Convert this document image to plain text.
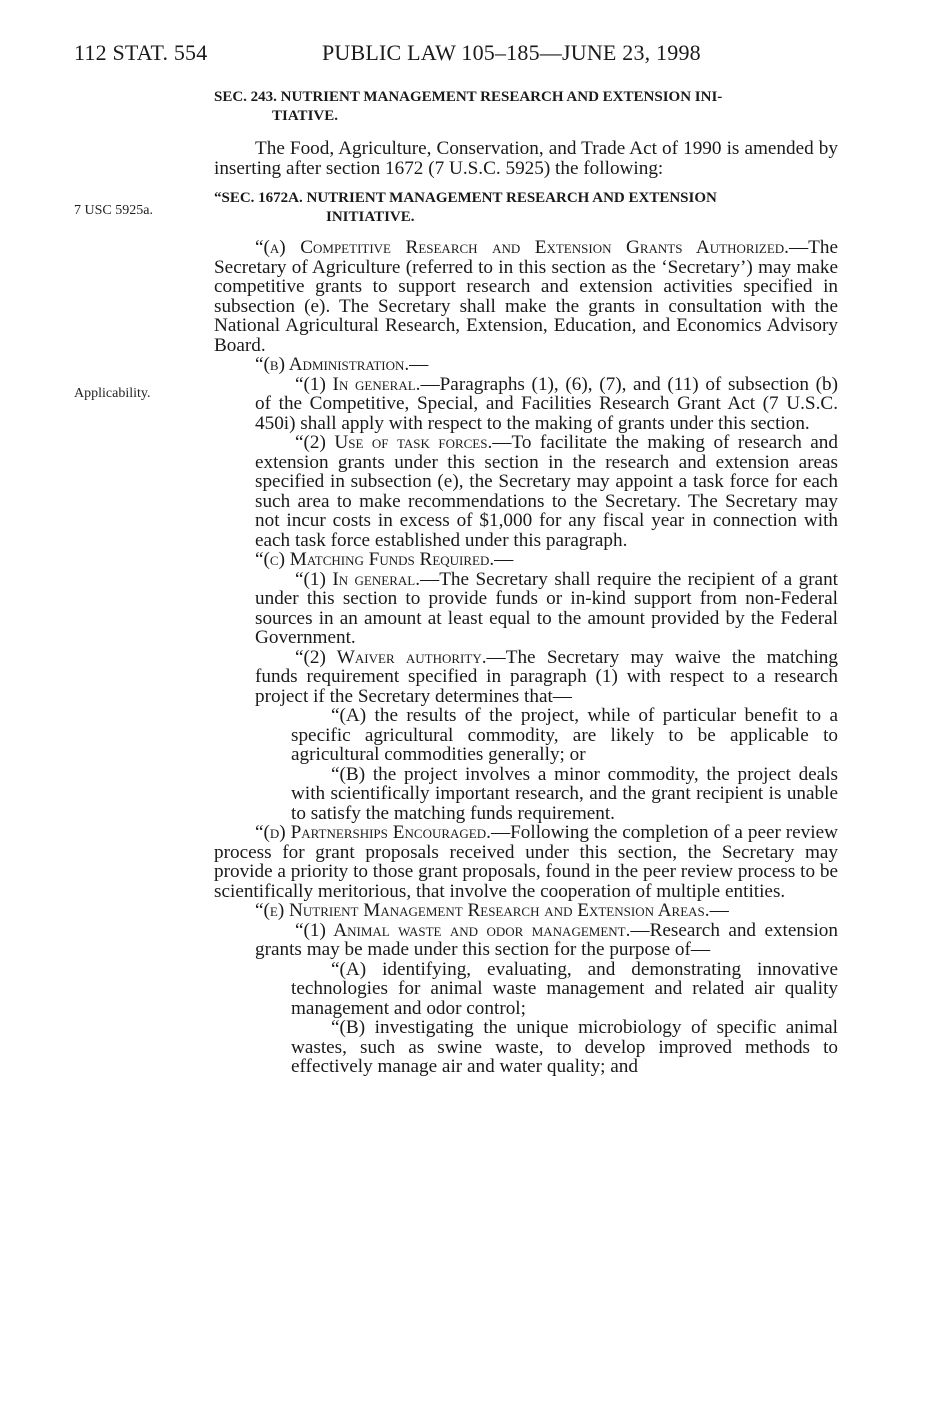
112 STAT. 554	PUBLIC LAW 105–185—JUNE 23, 1998
7 USC 5925a.
Applicability.
SEC. 243. NUTRIENT MANAGEMENT RESEARCH AND EXTENSION INI-
TIATIVE.

The Food, Agriculture, Conservation, and Trade Act of 1990 is amended by inserting after section 1672 (7 U.S.C. 5925) the following:

“SEC. 1672A. NUTRIENT MANAGEMENT RESEARCH AND EXTENSION
INITIATIVE.

“(a) Competitive Research and Extension Grants Authorized.—The Secretary of Agriculture (referred to in this section as the ‘Secretary’) may make competitive grants to support research and extension activities specified in subsection (e). The Secretary shall make the grants in consultation with the National Agricultural Research, Extension, Education, and Economics Advisory Board.

“(b) Administration.—

“(1) In general.—Paragraphs (1), (6), (7), and (11) of subsection (b) of the Competitive, Special, and Facilities Research Grant Act (7 U.S.C. 450i) shall apply with respect to the making of grants under this section.

“(2) Use of task forces.—To facilitate the making of research and extension grants under this section in the research and extension areas specified in subsection (e), the Secretary may appoint a task force for each such area to make recommendations to the Secretary. The Secretary may not incur costs in excess of $1,000 for any fiscal year in connection with each task force established under this paragraph.

“(c) Matching Funds Required.—

“(1) In general.—The Secretary shall require the recipient of a grant under this section to provide funds or in-kind support from non-Federal sources in an amount at least equal to the amount provided by the Federal Government.

“(2) Waiver authority.—The Secretary may waive the matching funds requirement specified in paragraph (1) with respect to a research project if the Secretary determines that—

“(A) the results of the project, while of particular benefit to a specific agricultural commodity, are likely to be applicable to agricultural commodities generally; or

“(B) the project involves a minor commodity, the project deals with scientifically important research, and the grant recipient is unable to satisfy the matching funds requirement.

“(d) Partnerships Encouraged.—Following the completion of a peer review process for grant proposals received under this section, the Secretary may provide a priority to those grant proposals, found in the peer review process to be scientifically meritorious, that involve the cooperation of multiple entities.

“(e) Nutrient Management Research and Extension Areas.—

“(1) Animal waste and odor management.—Research and extension grants may be made under this section for the purpose of—

“(A) identifying, evaluating, and demonstrating innovative technologies for animal waste management and related air quality management and odor control;

“(B) investigating the unique microbiology of specific animal wastes, such as swine waste, to develop improved methods to effectively manage air and water quality; and
